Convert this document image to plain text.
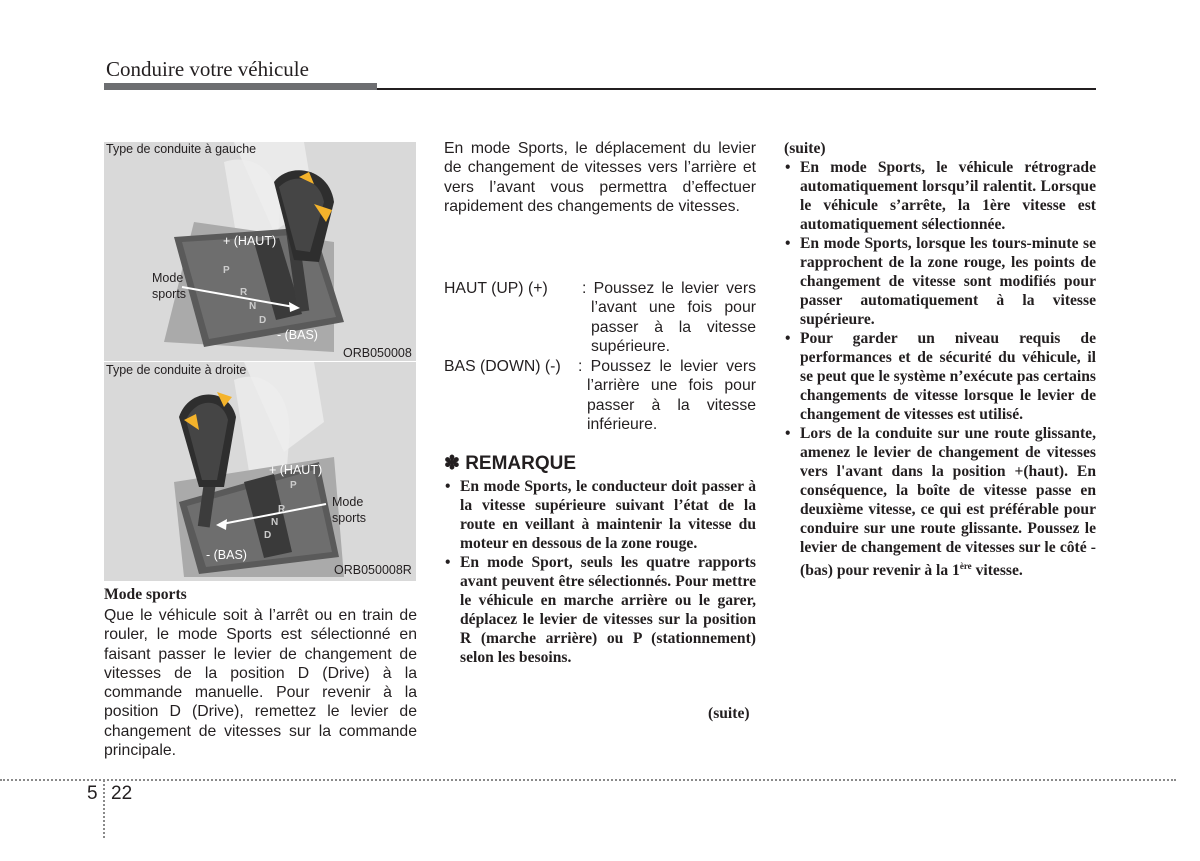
Conduire votre véhicule
Type de conduite à gauche
+ (HAUT)
Mode
sports
- (BAS)
P
R
N
D
ORB050008
Type de conduite à droite
+ (HAUT)
Mode
sports
- (BAS)
P
R
N
D
ORB050008R
Mode sports
Que le véhicule soit à l’arrêt ou en train de rouler, le mode Sports est sélectionné en faisant passer le levier de changement de vitesses de la position D (Drive) à la commande manuelle. Pour revenir à la position D (Drive), remettez le levier de changement de vitesses sur la commande principale.
En mode Sports, le déplacement du levier de changement de vitesses vers l’arrière et vers l’avant vous permettra d’effectuer rapidement des changements de vitesses.
HAUT (UP) (+) : Poussez le levier vers l’avant une fois pour passer à la vitesse supérieure.
BAS (DOWN) (-) : Poussez le levier vers l’arrière une fois pour passer à la vitesse inférieure.
✽ REMARQUE
• En mode Sports, le conducteur doit passer à la vitesse supérieure suivant l’état de la route en veillant à maintenir la vitesse du moteur en dessous de la zone rouge.
• En mode Sport, seuls les quatre rapports avant peuvent être sélectionnés. Pour mettre le véhicule en marche arrière ou le garer, déplacez le levier de vitesses sur la position R (marche arrière) ou P (stationnement) selon les besoins.
(suite)
(suite)
• En mode Sports, le véhicule rétrograde automatiquement lorsqu’il ralentit. Lorsque le véhicule s’arrête, la 1ère vitesse est automatiquement sélectionnée.
• En mode Sports, lorsque les tours-minute se rapprochent de la zone rouge, les points de changement de vitesse sont modifiés pour passer automatiquement à la vitesse supérieure.
• Pour garder un niveau requis de performances et de sécurité du véhicule, il se peut que le système n’exécute pas certains changements de vitesse lorsque le levier de changement de vitesses est utilisé.
• Lors de la conduite sur une route glissante, amenez le levier de changement de vitesses vers l'avant dans la position +(haut). En conséquence, la boîte de vitesse passe en deuxième vitesse, ce qui est préférable pour conduire sur une route glissante. Poussez le levier de changement de vitesses sur le côté -(bas) pour revenir à la 1ère vitesse.
5 22
